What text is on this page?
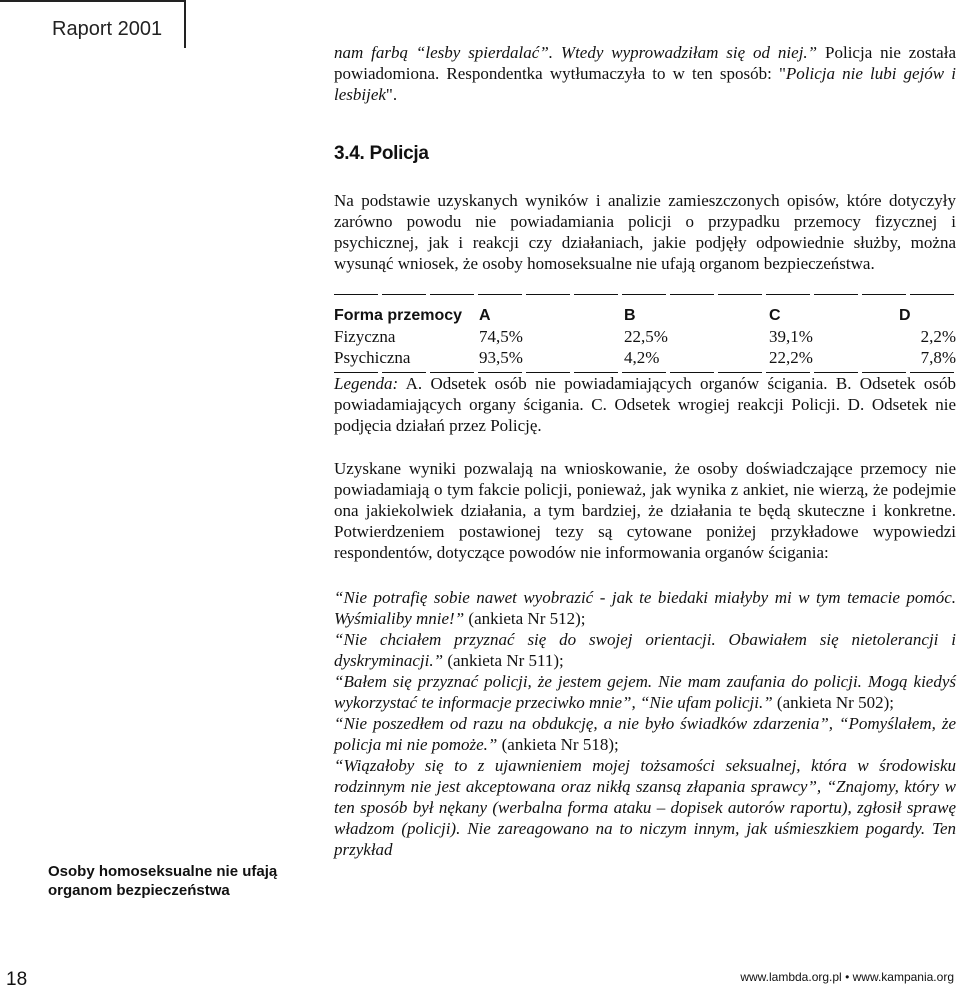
Raport 2001

nam farbą “lesby spierdalać”. Wtedy wyprowadziłam się od niej.” Policja nie została powiadomiona. Respondentka wytłumaczyła to w ten sposób: "Policja nie lubi gejów i lesbijek".

3.4. Policja

Na podstawie uzyskanych wyników i analizie zamieszczonych opisów, które dotyczyły zarówno powodu nie powiadamiania policji o przypadku przemocy fizycznej i psychicznej, jak i reakcji czy działaniach, jakie podjęły odpowiednie służby, można wysunąć wniosek, że osoby homoseksualne nie ufają organom bezpieczeństwa.

Forma przemocy	A	B	C	D
Fizyczna	74,5%	22,5%	39,1%	2,2%
Psychiczna	93,5%	4,2%	22,2%	7,8%

Legenda: A. Odsetek osób nie powiadamiających organów ścigania. B. Odsetek osób powiadamiających organy ścigania. C. Odsetek wrogiej reakcji Policji. D. Odsetek nie podjęcia działań przez Policję.

Uzyskane wyniki pozwalają na wnioskowanie, że osoby doświadczające przemocy nie powiadamiają o tym fakcie policji, ponieważ, jak wynika z ankiet, nie wierzą, że podejmie ona jakiekolwiek działania, a tym bardziej, że działania te będą skuteczne i konkretne. Potwierdzeniem postawionej tezy są cytowane poniżej przykładowe wypowiedzi respondentów, dotyczące powodów nie informowania organów ścigania:

“Nie potrafię sobie nawet wyobrazić - jak te biedaki miałyby mi w tym temacie pomóc. Wyśmialiby mnie!” (ankieta Nr 512);

“Nie chciałem przyznać się do swojej orientacji. Obawiałem się nietolerancji i dyskryminacji.” (ankieta Nr 511);

“Bałem się przyznać policji, że jestem gejem. Nie mam zaufania do policji. Mogą kiedyś wykorzystać te informacje przeciwko mnie”, “Nie ufam policji.” (ankieta Nr 502);

“Nie poszedłem od razu na obdukcję, a nie było świadków zdarzenia”, “Pomyślałem, że policja mi nie pomoże.” (ankieta Nr 518);

“Wiązałoby się to z ujawnieniem mojej tożsamości seksualnej, która w środowisku rodzinnym nie jest akceptowana oraz nikłą szansą złapania sprawcy”, “Znajomy, który w ten sposób był nękany (werbalna forma ataku – dopisek autorów raportu), zgłosił sprawę władzom (policji). Nie zareagowano na to niczym innym, jak uśmieszkiem pogardy. Ten przykład

Osoby homoseksualne nie ufają organom bezpieczeństwa
18	www.lambda.org.pl • www.kampania.org
